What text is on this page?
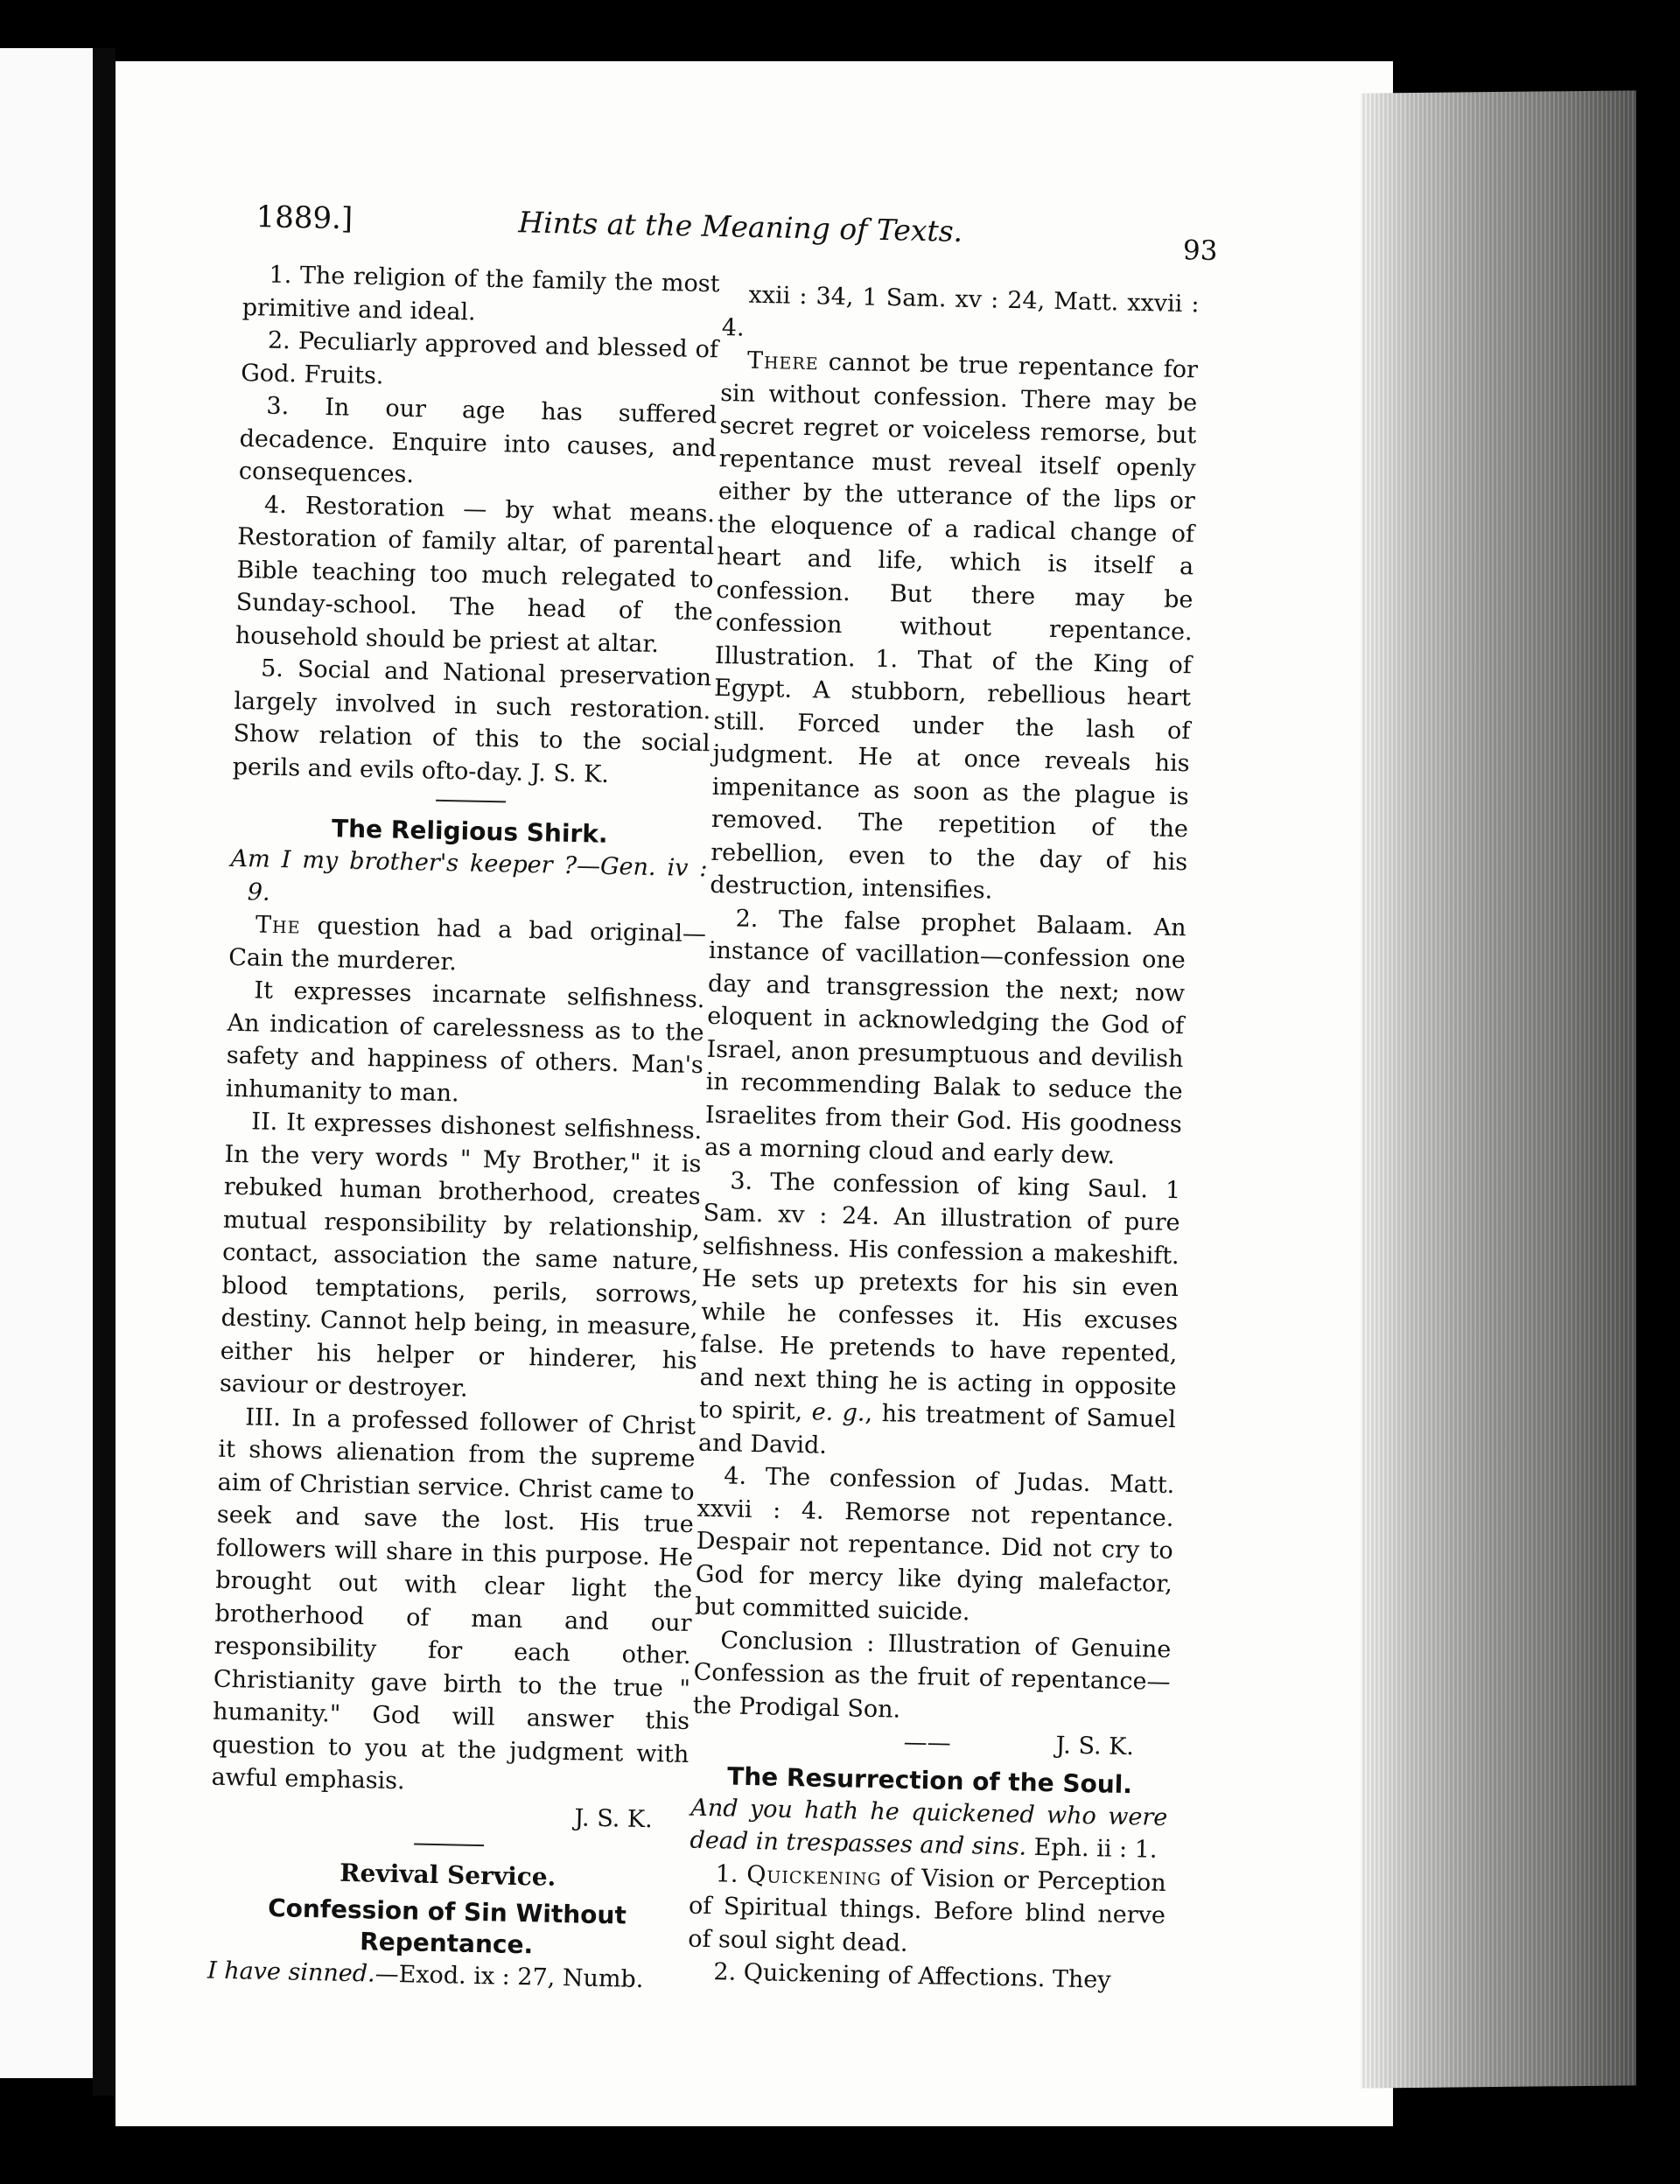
1889.]	Hints at the Meaning of Texts.
93

1. The religion of the family the most primitive and ideal.

2. Peculiarly approved and blessed of God. Fruits.

3. In our age has suffered decadence. Enquire into causes, and consequences.

4. Restoration — by what means. Restoration of family altar, of parental Bible teaching too much relegated to Sunday-school. The head of the household should be priest at altar.

5. Social and National preservation largely involved in such restoration. Show relation of this to the social perils and evils ofto-day. J. S. K.

The Religious Shirk.

Am I my brother's keeper ?—Gen. iv : 9.

The question had a bad original—Cain the murderer.

It expresses incarnate selfishness. An indication of carelessness as to the safety and happiness of others. Man's inhumanity to man.

II. It expresses dishonest selfishness. In the very words " My Brother," it is rebuked human brotherhood, creates mutual responsibility by relationship, contact, association the same nature, blood temptations, perils, sorrows, destiny. Cannot help being, in measure, either his helper or hinderer, his saviour or destroyer.

III. In a professed follower of Christ it shows alienation from the supreme aim of Christian service. Christ came to seek and save the lost. His true followers will share in this purpose. He brought out with clear light the brotherhood of man and our responsibility for each other. Christianity gave birth to the true " humanity." God will answer this question to you at the judgment with awful emphasis.

J. S. K.
Revival Service.
Confession of Sin Without Repentance.

I have sinned.—Exod. ix : 27, Numb.

xxii : 34, 1 Sam. xv : 24, Matt. xxvii : 4.

There cannot be true repentance for sin without confession. There may be secret regret or voiceless remorse, but repentance must reveal itself openly either by the utterance of the lips or the eloquence of a radical change of heart and life, which is itself a confession. But there may be confession without repentance. Illustration. 1. That of the King of Egypt. A stubborn, rebellious heart still. Forced under the lash of judgment. He at once reveals his impenitance as soon as the plague is removed. The repetition of the rebellion, even to the day of his destruction, intensifies.

2. The false prophet Balaam. An instance of vacillation—confession one day and transgression the next; now eloquent in acknowledging the God of Israel, anon presumptuous and devilish in recommending Balak to seduce the Israelites from their God. His goodness as a morning cloud and early dew.

3. The confession of king Saul. 1 Sam. xv : 24. An illustration of pure selfishness. His confession a makeshift. He sets up pretexts for his sin even while he confesses it. His excuses false. He pretends to have repented, and next thing he is acting in opposite to spirit, e. g., his treatment of Samuel and David.

4. The confession of Judas. Matt. xxvii : 4. Remorse not repentance. Despair not repentance. Did not cry to God for mercy like dying malefactor, but committed suicide.

Conclusion : Illustration of Genuine Confession as the fruit of repentance—the Prodigal Son.

——	J. S. K.
The Resurrection of the Soul.

And you hath he quickened who were dead in trespasses and sins. Eph. ii : 1.

1. Quickening of Vision or Perception of Spiritual things. Before blind nerve of soul sight dead.

2. Quickening of Affections. They
